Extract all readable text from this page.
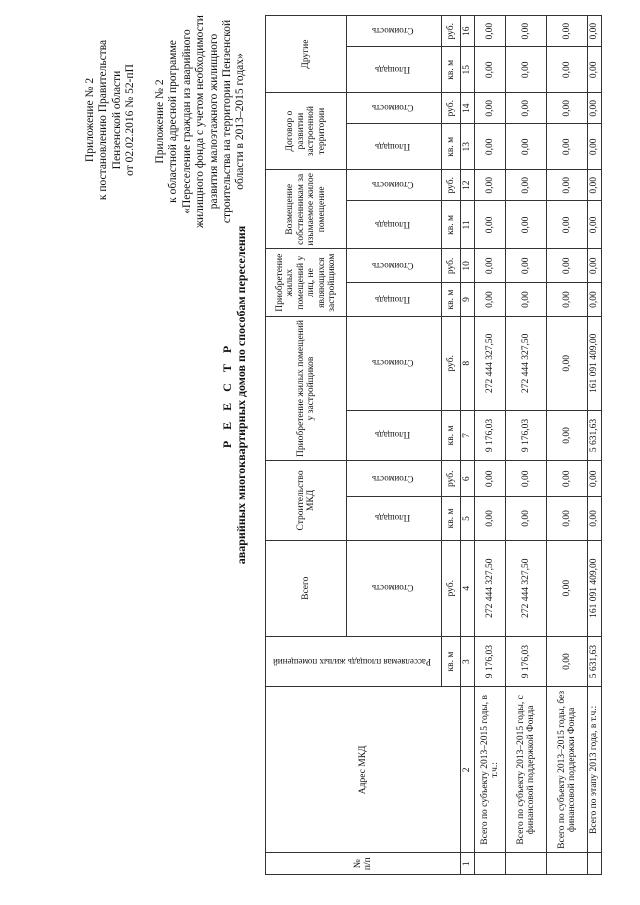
Приложение № 2 к постановлению Правительства Пензенской области от 02.02.2016 № 52-пП Приложение № 2 к областной адресной программе «Переселение граждан из аварийного жилищного фонда с учетом необходимости развития малоэтажного жилищного строительства на территории Пензенской области в 2013–2015 годах»
Р Е Е С Т Р аварийных многоквартирных домов по способам переселения
№ п/п	Адрес МКД	Расселяемая площадь жилых помещений	Всего	Строительство МКД		Приобретение жилых помещений у застройщиков		Приобретение жилых помещений у лиц, не являющихся застройщиком		Возмещение собственникам за изымаемое жилое помещение		Договор о развитии застроенной территории		Другие	
			Стоимость	Площадь	Стоимость	Площадь	Стоимость	Площадь	Стоимость	Площадь	Стоимость	Площадь	Стоимость	Площадь	Стоимость
		кв. м	руб.	кв. м	руб.	кв. м	руб.	кв. м	руб.	кв. м	руб.	кв. м	руб.	кв. м	руб.
1	2	3	4	5	6	7	8	9	10	11	12	13	14	15	16
	Всего по субъекту 2013–2015 годы, в т.ч.:	9 176,03	272 444 327,50	0,00	0,00	9 176,03	272 444 327,50	0,00	0,00	0,00	0,00	0,00	0,00	0,00	0,00
	Всего по субъекту 2013–2015 годы, с финансовой поддержкой Фонда	9 176,03	272 444 327,50	0,00	0,00	9 176,03	272 444 327,50	0,00	0,00	0,00	0,00	0,00	0,00	0,00	0,00
	Всего по субъекту 2013–2015 годы, без финансовой поддержки Фонда	0,00	0,00	0,00	0,00	0,00	0,00	0,00	0,00	0,00	0,00	0,00	0,00	0,00	0,00
	Всего по этапу 2013 года, в т.ч.:	5 631,63	161 091 409,00	0,00	0,00	5 631,63	161 091 409,00	0,00	0,00	0,00	0,00	0,00	0,00	0,00	0,00
